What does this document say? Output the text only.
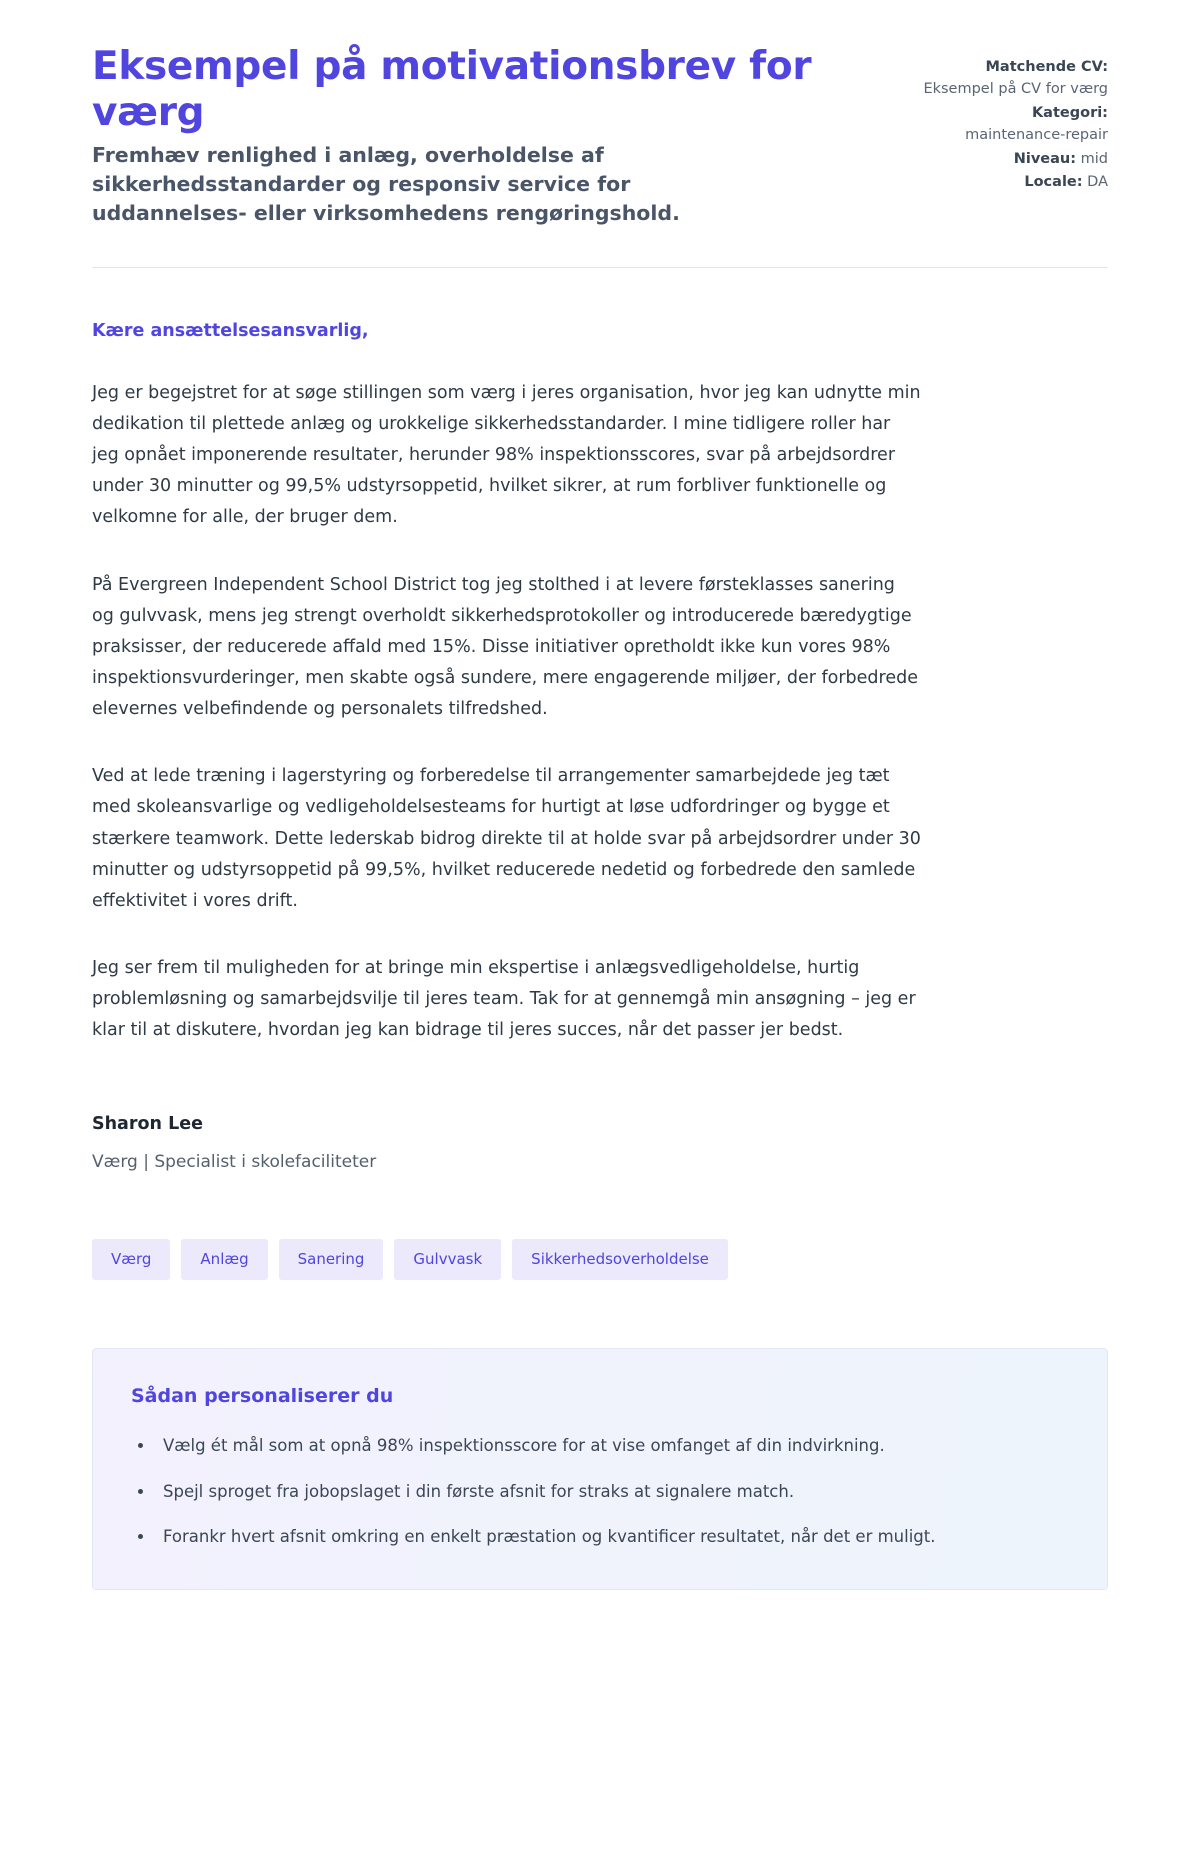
Eksempel på motivationsbrev for værg

Fremhæv renlighed i anlæg, overholdelse af sikkerhedsstandarder og responsiv service for uddannelses- eller virksomhedens rengøringshold.

Matchende CV:
Eksempel på CV for værg
Kategori:
maintenance-repair
Niveau: mid
Locale: DA

Kære ansættelsesansvarlig,

Jeg er begejstret for at søge stillingen som værg i jeres organisation, hvor jeg kan udnytte min dedikation til plettede anlæg og urokkelige sikkerhedsstandarder. I mine tidligere roller har jeg opnået imponerende resultater, herunder 98% inspektionsscores, svar på arbejdsordrer under 30 minutter og 99,5% udstyrsoppetid, hvilket sikrer, at rum forbliver funktionelle og velkomne for alle, der bruger dem.

På Evergreen Independent School District tog jeg stolthed i at levere førsteklasses sanering og gulvvask, mens jeg strengt overholdt sikkerhedsprotokoller og introducerede bæredygtige praksisser, der reducerede affald med 15%. Disse initiativer opretholdt ikke kun vores 98% inspektionsvurderinger, men skabte også sundere, mere engagerende miljøer, der forbedrede elevernes velbefindende og personalets tilfredshed.

Ved at lede træning i lagerstyring og forberedelse til arrangementer samarbejdede jeg tæt med skoleansvarlige og vedligeholdelsesteams for hurtigt at løse udfordringer og bygge et stærkere teamwork. Dette lederskab bidrog direkte til at holde svar på arbejdsordrer under 30 minutter og udstyrsoppetid på 99,5%, hvilket reducerede nedetid og forbedrede den samlede effektivitet i vores drift.

Jeg ser frem til muligheden for at bringe min ekspertise i anlægsvedligeholdelse, hurtig problemløsning og samarbejdsvilje til jeres team. Tak for at gennemgå min ansøgning – jeg er klar til at diskutere, hvordan jeg kan bidrage til jeres succes, når det passer jer bedst.

Sharon Lee

Værg | Specialist i skolefaciliteter

Værg	Anlæg	Sanering	Gulvvask	Sikkerhedsoverholdelse
Sådan personaliserer du
• Vælg ét mål som at opnå 98% inspektionsscore for at vise omfanget af din indvirkning.
• Spejl sproget fra jobopslaget i din første afsnit for straks at signalere match.
• Forankr hvert afsnit omkring en enkelt præstation og kvantificer resultatet, når det er muligt.
